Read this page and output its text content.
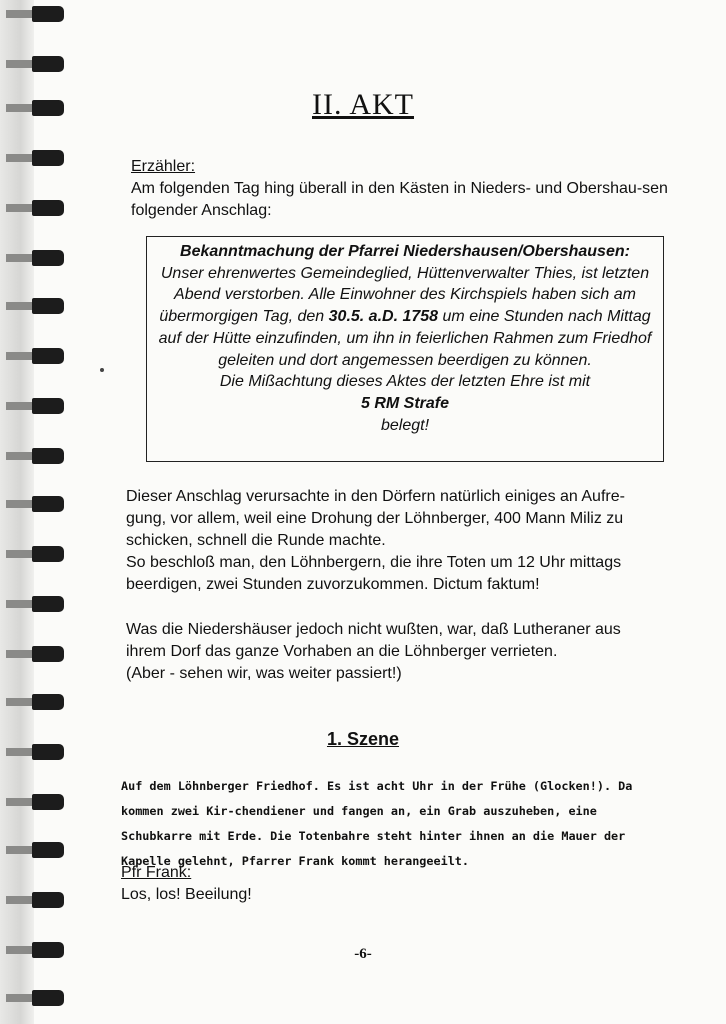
II. AKT
Erzähler:
Am folgenden Tag hing überall in den Kästen in Nieders- und Obershau-sen folgender Anschlag:
Bekanntmachung der Pfarrei Niedershausen/Obershausen:
Unser ehrenwertes Gemeindeglied, Hüttenverwalter Thies, ist letzten Abend verstorben. Alle Einwohner des Kirchspiels haben sich am übermorgigen Tag, den 30.5. a.D. 1758 um eine Stunden nach Mittag auf der Hütte einzufinden, um ihn in feierlichen Rahmen zum Friedhof geleiten und dort angemessen beerdigen zu können.
Die Mißachtung dieses Aktes der letzten Ehre ist mit
5 RM Strafe
belegt!
Dieser Anschlag verursachte in den Dörfern natürlich einiges an Aufre-gung, vor allem, weil eine Drohung der Löhnberger, 400 Mann Miliz zu schicken, schnell die Runde machte.
So beschloß man, den Löhnbergern, die ihre Toten um 12 Uhr mittags beerdigen, zwei Stunden zuvorzukommen. Dictum faktum!
Was die Niedershäuser jedoch nicht wußten, war, daß Lutheraner aus ihrem Dorf das ganze Vorhaben an die Löhnberger verrieten.
(Aber - sehen wir, was weiter passiert!)
1. Szene
Auf dem Löhnberger Friedhof. Es ist acht Uhr in der Frühe (Glocken!). Da kommen zwei Kir-chendiener und fangen an, ein Grab auszuheben, eine Schubkarre mit Erde. Die Totenbahre steht hinter ihnen an die Mauer der Kapelle gelehnt, Pfarrer Frank kommt herangeeilt.
Pfr Frank:
Los, los! Beeilung!
-6-
